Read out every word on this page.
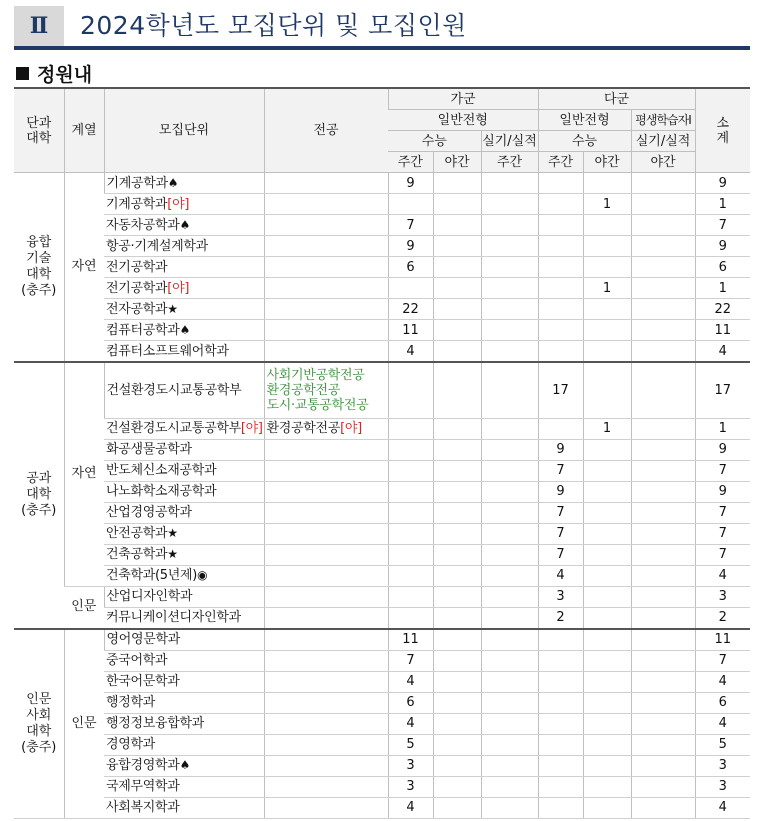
Ⅱ	2024학년도 모집단위 및 모집인원
정원내
단과
대학	계열	모집단위	전공	가군			다군			소
계
				일반전형			일반전형		평생학습자Ⅰ	
				수능		실기/실적	수능		실기/실적	
				주간	야간	주간	주간	야간	야간	
융합
기술
대학
(충주)	자연	기계공학과♠		9						9
		기계공학과[야]						1		1
		자동차공학과♠		7						7
		항공·기계설계학과		9						9
		전기공학과		6						6
		전기공학과[야]						1		1
		전자공학과★		22						22
		컴퓨터공학과♠		11						11
		컴퓨터소프트웨어학과		4						4
공과
대학
(충주)	자연	건설환경도시교통공학부	사회기반공학전공
환경공학전공
도시·교통공학전공				17			17
		건설환경도시교통공학부[야]	환경공학전공[야]					1		1
		화공생물공학과					9			9
		반도체신소재공학과					7			7
		나노화학소재공학과					9			9
		산업경영공학과					7			7
		안전공학과★					7			7
		건축공학과★					7			7
		건축학과(5년제)◉					4			4
	인문	산업디자인학과					3			3
		커뮤니케이션디자인학과					2			2
인문
사회
대학
(충주)	인문	영어영문학과		11						11
		중국어학과		7						7
		한국어문학과		4						4
		행정학과		6						6
		행정정보융합학과		4						4
		경영학과		5						5
		융합경영학과♠		3						3
		국제무역학과		3						3
		사회복지학과		4						4
